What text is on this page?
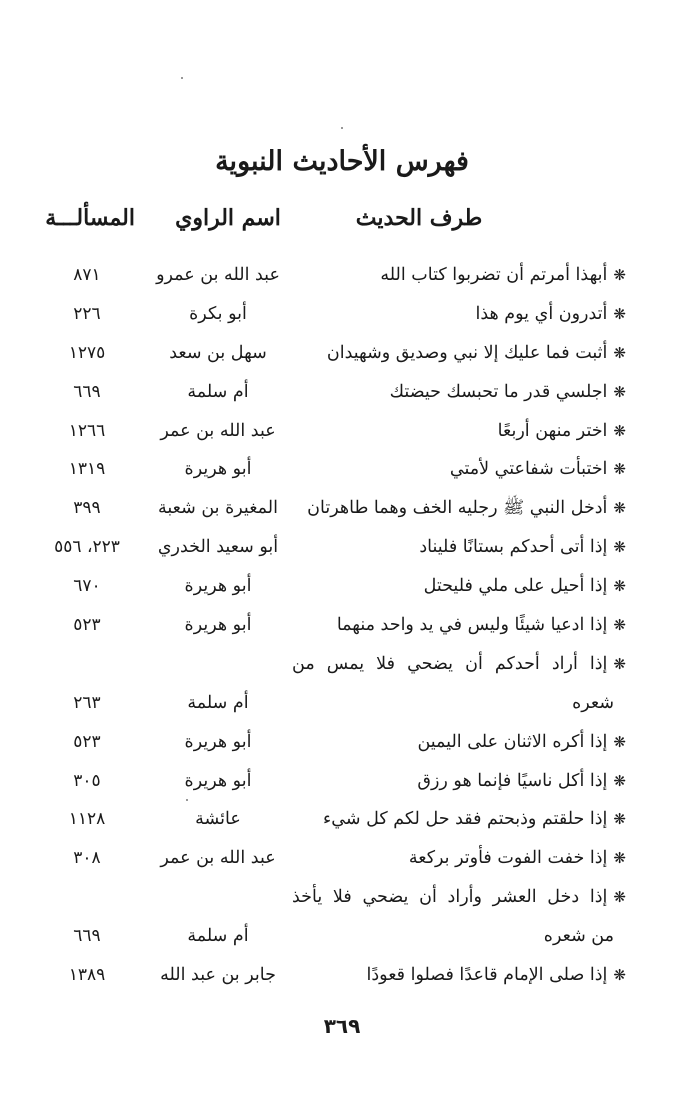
فهرس الأحاديث النبوية
طرف الحديث
اسم الراوي
المسألـــة
❋أبهذا أمرتم أن تضربوا كتاب الله
عبد الله بن عمرو
٨٧١
❋أتدرون أي يوم هذا
أبو بكرة
٢٢٦
❋أثبت فما عليك إلا نبي وصديق وشهيدان
سهل بن سعد
١٢٧٥
❋اجلسي قدر ما تحبسك حيضتك
أم سلمة
٦٦٩
❋اختر منهن أربعًا
عبد الله بن عمر
١٢٦٦
❋اختبأت شفاعتي لأمتي
أبو هريرة
١٣١٩
❋أدخل النبي ﷺ رجليه الخف وهما طاهرتان
المغيرة بن شعبة
٣٩٩
❋إذا أتى أحدكم بستانًا فليناد
أبو سعيد الخدري
٢٢٣، ٥٥٦
❋إذا أحيل على ملي فليحتل
أبو هريرة
٦٧٠
❋إذا ادعيا شيئًا وليس في يد واحد منهما
أبو هريرة
٥٢٣
❋إذا أراد أحدكم أن يضحي فلا يمس من
شعره
أم سلمة
٢٦٣
❋إذا أكره الاثنان على اليمين
أبو هريرة
٥٢٣
❋إذا أكل ناسيًا فإنما هو رزق
أبو هريرة
٣٠٥
❋إذا حلقتم وذبحتم فقد حل لكم كل شيء
عائشة
١١٢٨
❋إذا خفت الفوت فأوتر بركعة
عبد الله بن عمر
٣٠٨
❋إذا دخل العشر وأراد أن يضحي فلا يأخذ
من شعره
أم سلمة
٦٦٩
❋إذا صلى الإمام قاعدًا فصلوا قعودًا
جابر بن عبد الله
١٣٨٩
٣٦٩
